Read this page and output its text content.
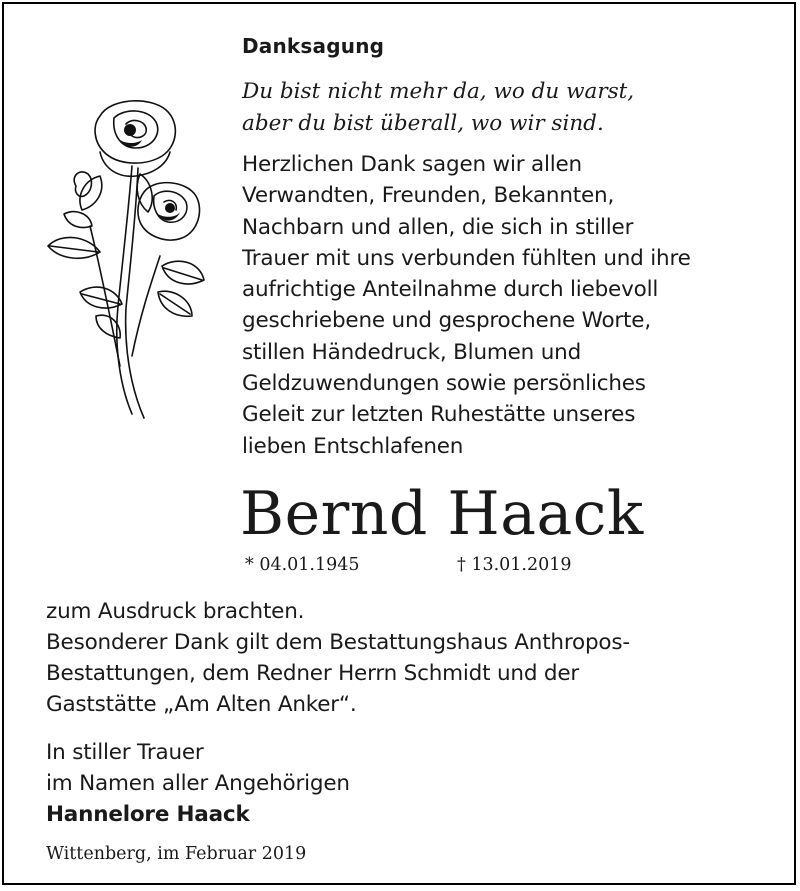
Danksagung
Du bist nicht mehr da, wo du warst,
aber du bist überall, wo wir sind.
Herzlichen Dank sagen wir allen
Verwandten, Freunden, Bekannten,
Nachbarn und allen, die sich in stiller
Trauer mit uns verbunden fühlten und ihre
aufrichtige Anteilnahme durch liebevoll
geschriebene und gesprochene Worte,
stillen Händedruck, Blumen und
Geldzuwendungen sowie persönliches
Geleit zur letzten Ruhestätte unseres
lieben Entschlafenen
Bernd Haack
* 04.01.1945	† 13.01.2019
zum Ausdruck brachten.
Besonderer Dank gilt dem Bestattungshaus Anthropos-
Bestattungen, dem Redner Herrn Schmidt und der
Gaststätte „Am Alten Anker“.
In stiller Trauer
im Namen aller Angehörigen
Hannelore Haack
Wittenberg, im Februar 2019
